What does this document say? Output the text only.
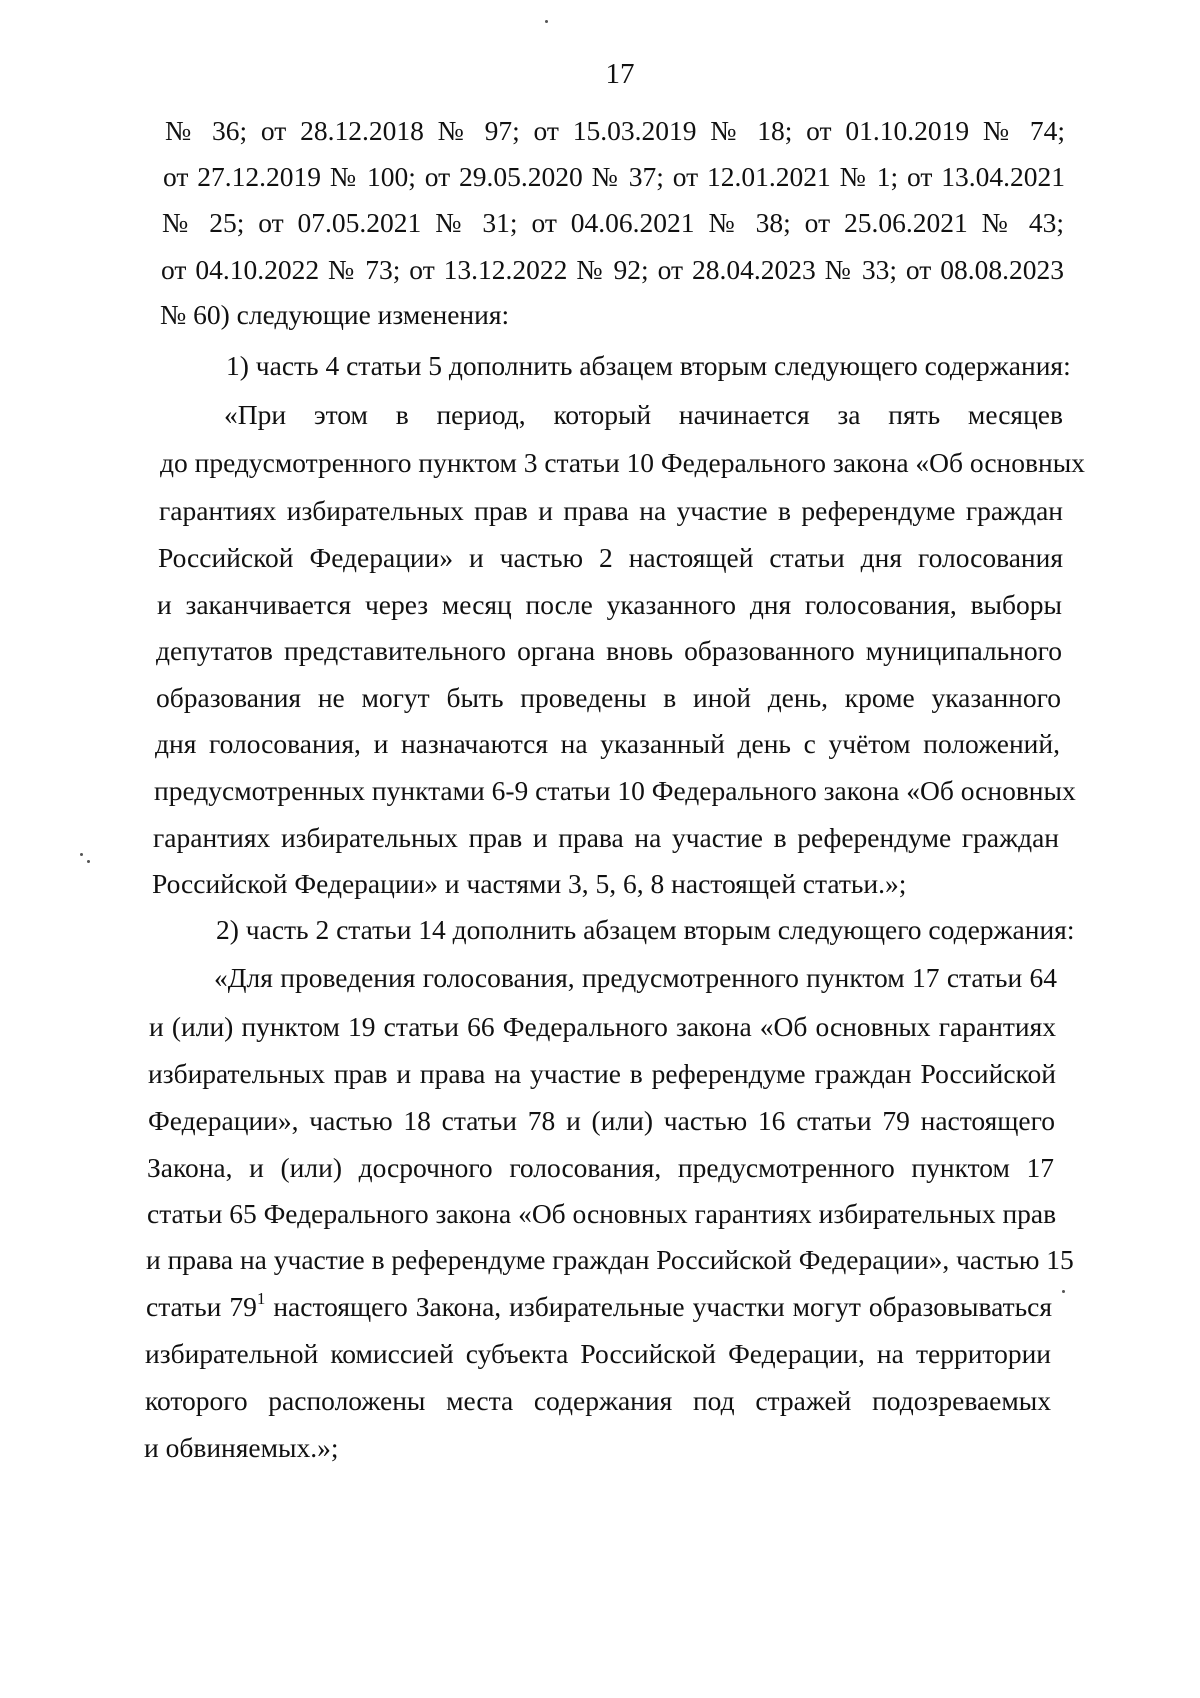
17
№ 36; от 28.12.2018 № 97; от 15.03.2019 № 18; от 01.10.2019 № 74;
от 27.12.2019 № 100; от 29.05.2020 № 37; от 12.01.2021 № 1; от 13.04.2021
№ 25; от 07.05.2021 № 31; от 04.06.2021 № 38; от 25.06.2021 № 43;
от 04.10.2022 № 73; от 13.12.2022 № 92; от 28.04.2023 № 33; от 08.08.2023
№ 60) следующие изменения:
1) часть 4 статьи 5 дополнить абзацем вторым следующего содержания:
«При этом в период, который начинается за пять месяцев
до предусмотренного пунктом 3 статьи 10 Федерального закона «Об основных
гарантиях избирательных прав и права на участие в референдуме граждан
Российской Федерации» и частью 2 настоящей статьи дня голосования
и заканчивается через месяц после указанного дня голосования, выборы
депутатов представительного органа вновь образованного муниципального
образования не могут быть проведены в иной день, кроме указанного
дня голосования, и назначаются на указанный день с учётом положений,
предусмотренных пунктами 6-9 статьи 10 Федерального закона «Об основных
гарантиях избирательных прав и права на участие в референдуме граждан
Российской Федерации» и частями 3, 5, 6, 8 настоящей статьи.»;
2) часть 2 статьи 14 дополнить абзацем вторым следующего содержания:
«Для проведения голосования, предусмотренного пунктом 17 статьи 64
и (или) пунктом 19 статьи 66 Федерального закона «Об основных гарантиях
избирательных прав и права на участие в референдуме граждан Российской
Федерации», частью 18 статьи 78 и (или) частью 16 статьи 79 настоящего
Закона, и (или) досрочного голосования, предусмотренного пунктом 17
статьи 65 Федерального закона «Об основных гарантиях избирательных прав
и права на участие в референдуме граждан Российской Федерации», частью 15
статьи $79^1$ настоящего Закона, избирательные участки могут образовываться
избирательной комиссией субъекта Российской Федерации, на территории
которого расположены места содержания под стражей подозреваемых
и обвиняемых.»;
